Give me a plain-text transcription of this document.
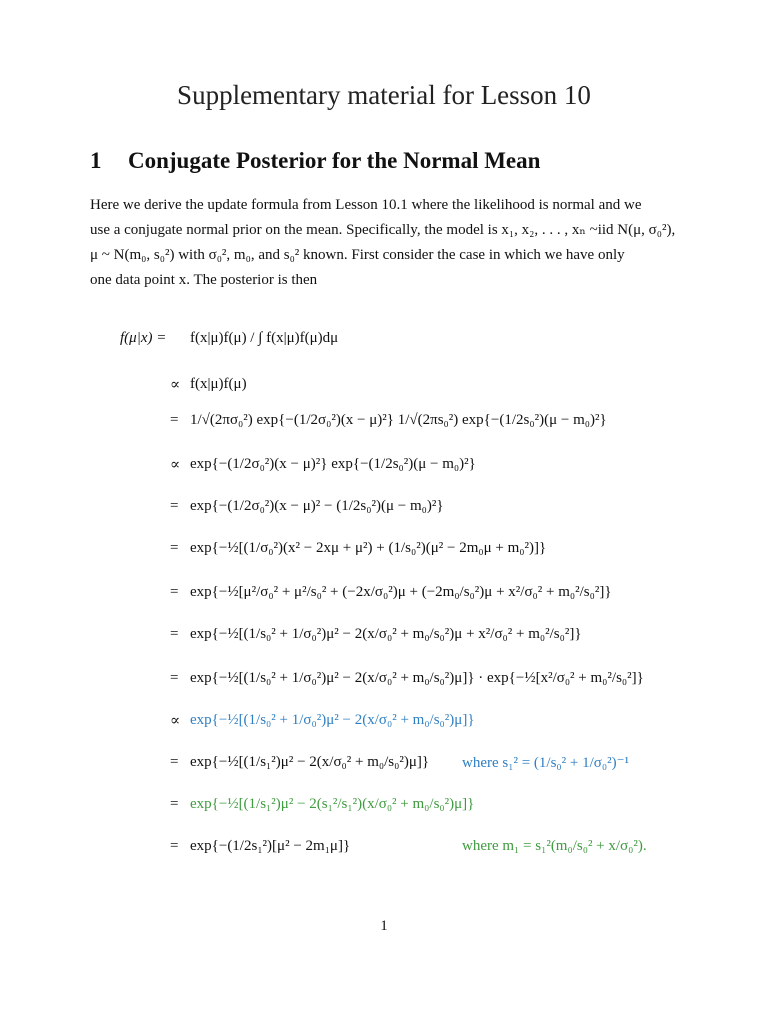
Supplementary material for Lesson 10
1 Conjugate Posterior for the Normal Mean
Here we derive the update formula from Lesson 10.1 where the likelihood is normal and we
use a conjugate normal prior on the mean. Specifically, the model is x₁, x₂, . . . , xₙ ~iid N(μ, σ₀²),
μ ~ N(m₀, s₀²) with σ₀², m₀, and s₀² known. First consider the case in which we have only
one data point x. The posterior is then
f(μ|x) = f(x|μ)f(μ) / ∫ f(x|μ)f(μ)dμ
∝ f(x|μ)f(μ)
= 1/√(2πσ₀²) exp{−(1/2σ₀²)(x − μ)²} 1/√(2πs₀²) exp{−(1/2s₀²)(μ − m₀)²}
∝ exp{−(1/2σ₀²)(x − μ)²} exp{−(1/2s₀²)(μ − m₀)²}
= exp{−(1/2σ₀²)(x − μ)² − (1/2s₀²)(μ − m₀)²}
= exp{−½[(1/σ₀²)(x² − 2xμ + μ²) + (1/s₀²)(μ² − 2m₀μ + m₀²)]}
= exp{−½[μ²/σ₀² + μ²/s₀² + (−2x/σ₀²)μ + (−2m₀/s₀²)μ + x²/σ₀² + m₀²/s₀²]}
= exp{−½[(1/s₀² + 1/σ₀²)μ² − 2(x/σ₀² + m₀/s₀²)μ + x²/σ₀² + m₀²/s₀²]}
= exp{−½[(1/s₀² + 1/σ₀²)μ² − 2(x/σ₀² + m₀/s₀²)μ]} · exp{−½[x²/σ₀² + m₀²/s₀²]}
∝ exp{−½[(1/s₀² + 1/σ₀²)μ² − 2(x/σ₀² + m₀/s₀²)μ]}
= exp{−½[(1/s₁²)μ² − 2(x/σ₀² + m₀/s₀²)μ]} where s₁² = (1/s₀² + 1/σ₀²)⁻¹
= exp{−½[(1/s₁²)μ² − 2(s₁²/s₁²)(x/σ₀² + m₀/s₀²)μ]}
= exp{−(1/2s₁²)[μ² − 2m₁μ]}	where m₁ = s₁²(m₀/s₀² + x/σ₀²).
1
